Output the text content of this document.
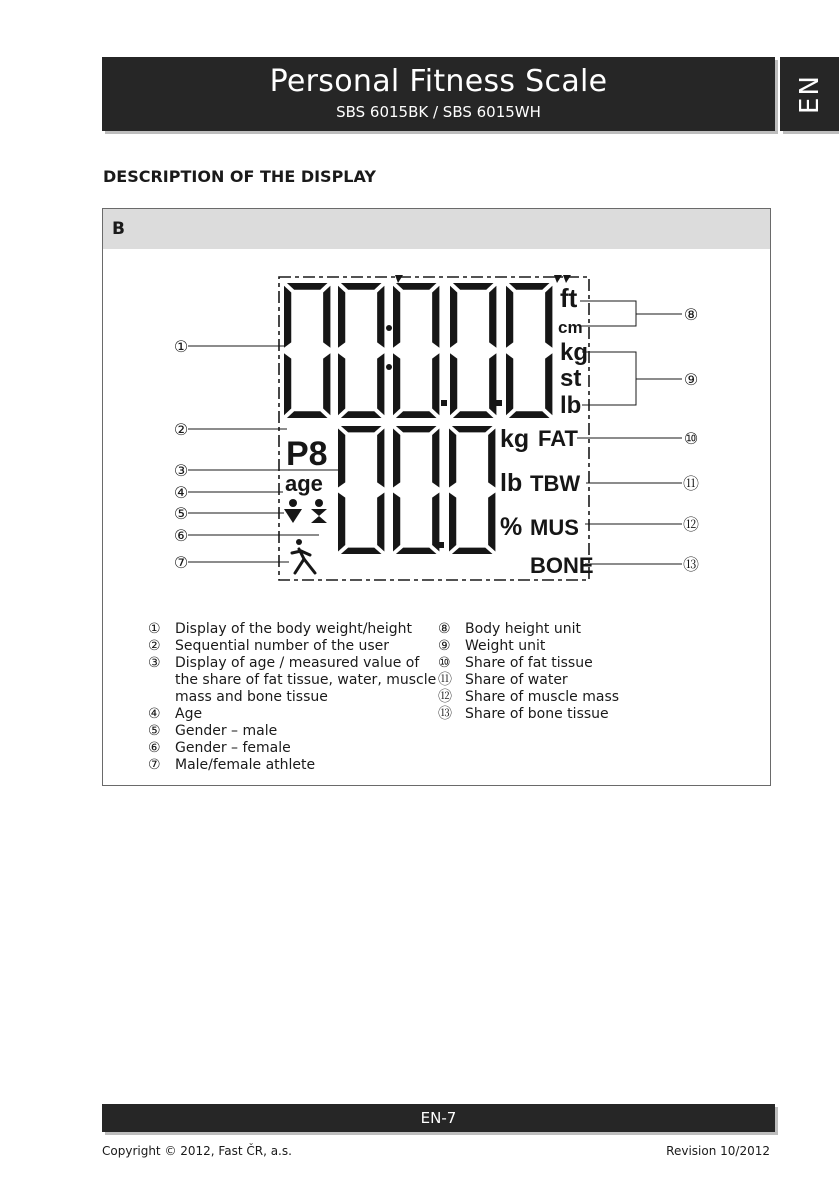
Personal Fitness Scale
SBS 6015BK / SBS 6015WH	EN
DESCRIPTION OF THE DISPLAY
B
P8
age
ft
cm
kg
st
lb
kg FAT
lb TBW
% MUS
BONE
①
②
③
④
⑤
⑥
⑦
⑧
⑨
⑩
⑪
⑫
⑬
①	Display of the body weight/height
②	Sequential number of the user
③	Display of age / measured value of the share of fat tissue, water, muscle mass and bone tissue
④	Age
⑤	Gender – male
⑥	Gender – female
⑦	Male/female athlete
⑧	Body height unit
⑨	Weight unit
⑩	Share of fat tissue
⑪ Share of water
⑫ Share of muscle mass
⑬ Share of bone tissue
EN-7
Copyright © 2012, Fast ČR, a.s.	Revision 10/2012
